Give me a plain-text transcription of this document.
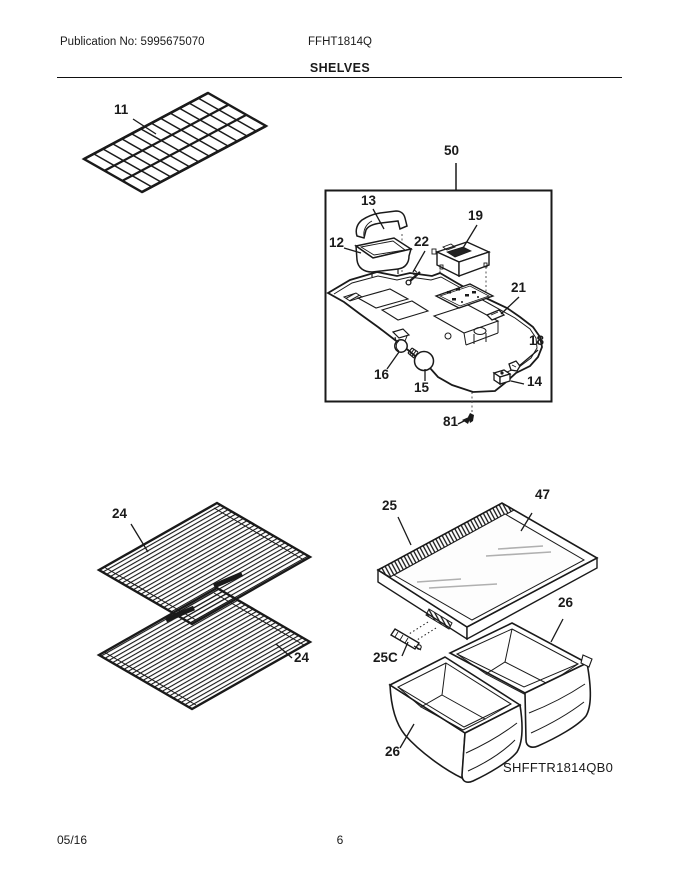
Publication No: 5995675070	FFHT1814Q
SHELVES
11
50
13
12	22
19
21
18
14
16
15
81
24
24
25
47
25C
26
26
SHFFTR1814QB0
05/16	6
